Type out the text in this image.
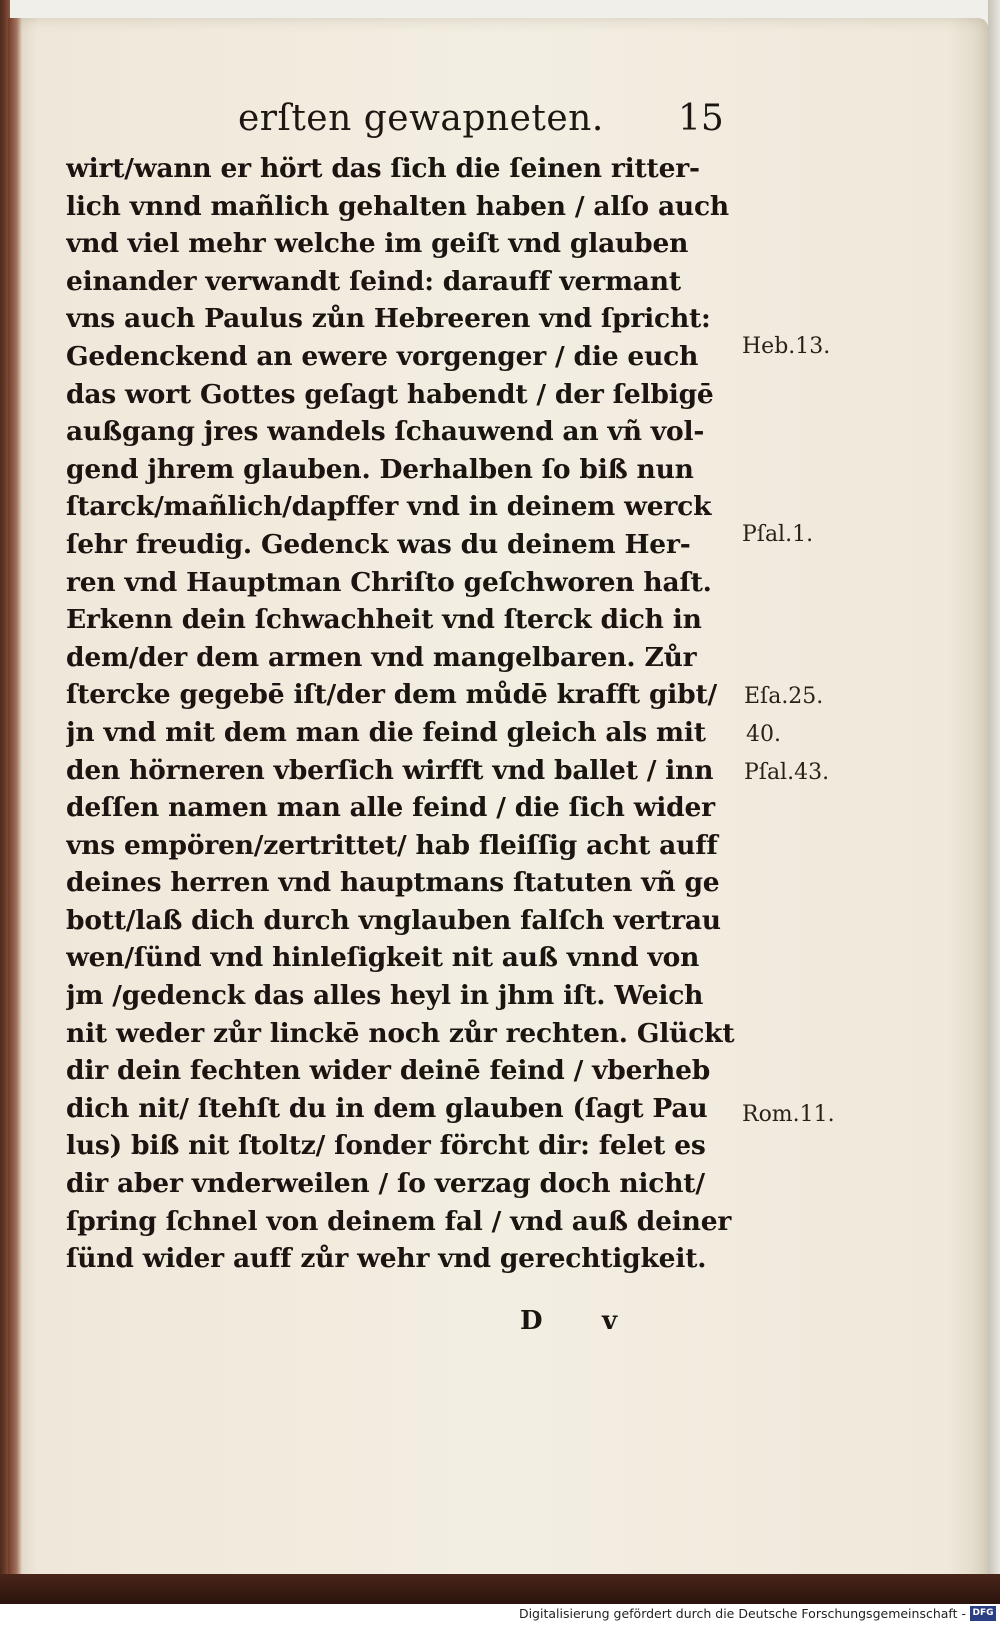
erſten gewapneten. 15
wirt/wann er hört das ſich die ſeinen ritter-
lich vnnd mañlich gehalten haben / alſo auch
vnd viel mehr welche im geiſt vnd glauben
einander verwandt ſeind: darauff vermant
vns auch Paulus zůn Hebreeren vnd ſpricht:
Gedenckend an ewere vorgenger / die euch
das wort Gottes geſagt habendt / der ſelbigē
außgang jres wandels ſchauwend an vñ vol-
gend jhrem glauben. Derhalben ſo biß nun
ſtarck/mañlich/dapffer vnd in deinem werck
ſehr freudig. Gedenck was du deinem Her-
ren vnd Hauptman Chriſto geſchworen haſt.
Erkenn dein ſchwachheit vnd ſterck dich in
dem/der dem armen vnd mangelbaren. Zůr
ſtercke gegebē iſt/der dem můdē krafft gibt/
jn vnd mit dem man die feind gleich als mit
den hörneren vberſich wirfft vnd ballet / inn
deſſen namen man alle feind / die ſich wider
vns empören/zertrittet/ hab fleiſſig acht auff
deines herren vnd hauptmans ſtatuten vñ ge
bott/laß dich durch vnglauben falſch vertrau
wen/ſünd vnd hinleſigkeit nit auß vnnd von
jm /gedenck das alles heyl in jhm iſt. Weich
nit weder zůr linckē noch zůr rechten. Glückt
dir dein fechten wider deinē feind / vberheb
dich nit/ ſtehſt du in dem glauben (ſagt Pau
lus) biß nit ſtoltz/ ſonder förcht dir: felet es
dir aber vnderweilen / ſo verzag doch nicht/
ſpring ſchnel von deinem fal / vnd auß deiner
ſünd wider auff zůr wehr vnd gerechtigkeit.
D v
Heb.13.
Pſal.1.
Eſa.25.
40.
Pſal.43.
Rom.11.
Digitalisierung gefördert durch die Deutsche Forschungsgemeinschaft - DFG
